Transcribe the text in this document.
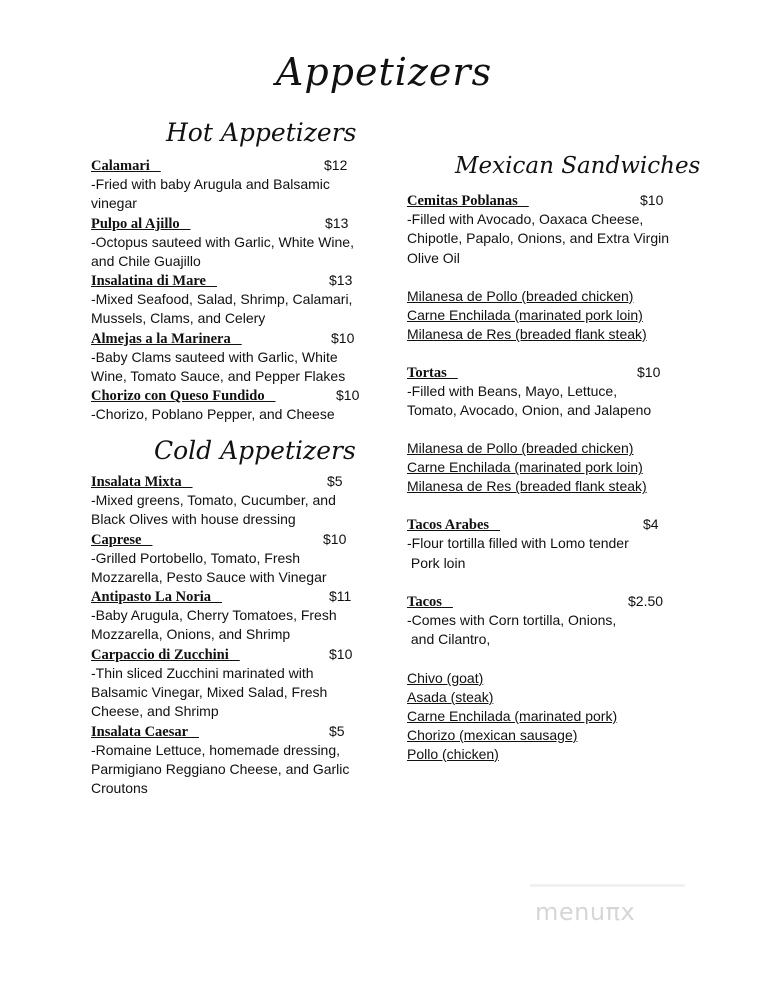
Appetizers
Hot Appetizers
Calamari	$12
-Fried with baby Arugula and Balsamic
vinegar
Pulpo al Ajillo	$13
-Octopus sauteed with Garlic, White Wine,
and Chile Guajillo
Insalatina di Mare	$13
-Mixed Seafood, Salad, Shrimp, Calamari,
Mussels, Clams, and Celery
Almejas a la Marinera	$10
-Baby Clams sauteed with Garlic, White
Wine, Tomato Sauce, and Pepper Flakes
Chorizo con Queso Fundido	$10
-Chorizo, Poblano Pepper, and Cheese
Cold Appetizers
Insalata Mixta	$5
-Mixed greens, Tomato, Cucumber, and
Black Olives with house dressing
Caprese	$10
-Grilled Portobello, Tomato, Fresh
Mozzarella, Pesto Sauce with Vinegar
Antipasto La Noria	$11
-Baby Arugula, Cherry Tomatoes, Fresh
Mozzarella, Onions, and Shrimp
Carpaccio di Zucchini	$10
-Thin sliced Zucchini marinated with
Balsamic Vinegar, Mixed Salad, Fresh
Cheese, and Shrimp
Insalata Caesar	$5
-Romaine Lettuce, homemade dressing,
Parmigiano Reggiano Cheese, and Garlic
Croutons
Mexican Sandwiches
Cemitas Poblanas	$10
-Filled with Avocado, Oaxaca Cheese,
Chipotle, Papalo, Onions, and Extra Virgin
Olive Oil
Milanesa de Pollo (breaded chicken)
Carne Enchilada (marinated pork loin)
Milanesa de Res (breaded flank steak)
Tortas	$10
-Filled with Beans, Mayo, Lettuce,
Tomato, Avocado, Onion, and Jalapeno
Milanesa de Pollo (breaded chicken)
Carne Enchilada (marinated pork loin)
Milanesa de Res (breaded flank steak)
Tacos Arabes	$4
-Flour tortilla filled with Lomo tender
Pork loin
Tacos	$2.50
-Comes with Corn tortilla, Onions,
and Cilantro,
Chivo (goat)
Asada (steak)
Carne Enchilada (marinated pork)
Chorizo (mexican sausage)
Pollo (chicken)
menuπx
